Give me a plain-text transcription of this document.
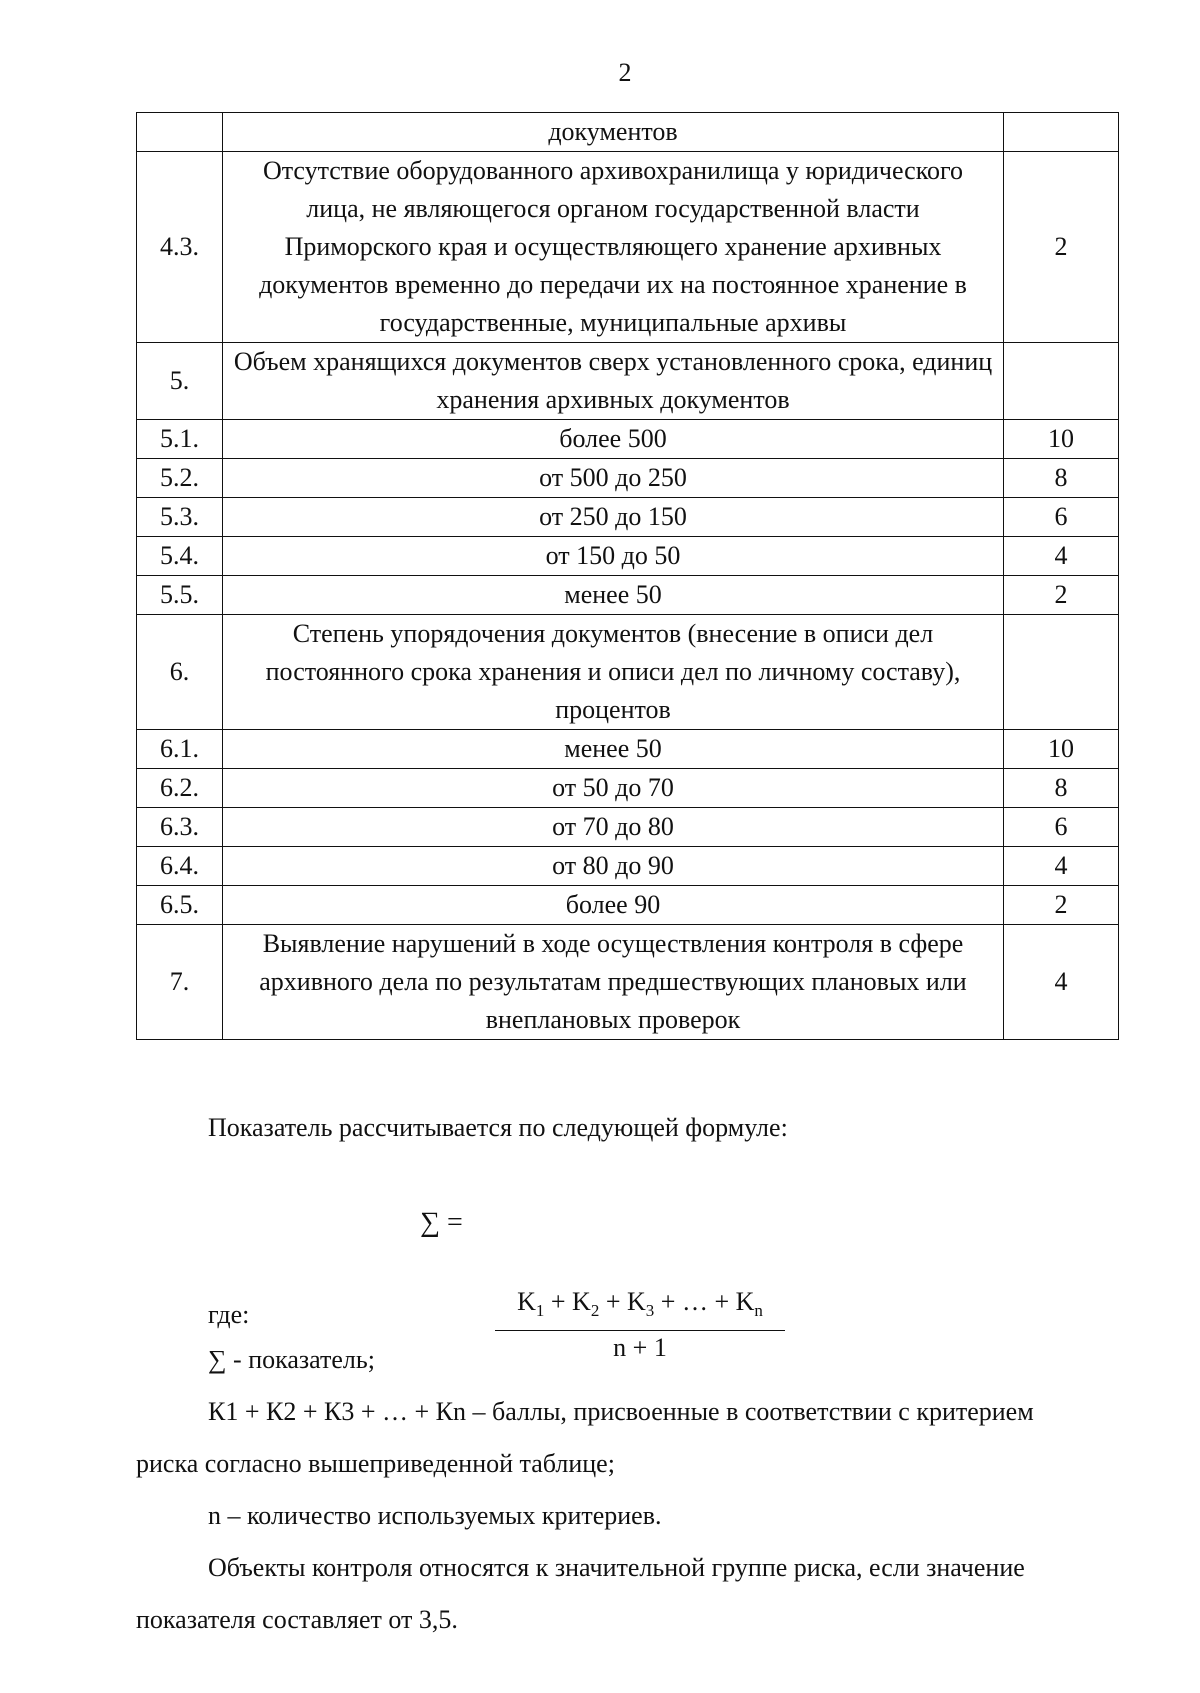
2
	документов	
4.3.	Отсутствие оборудованного архивохранилища у юридического лица, не являющегося органом государственной власти Приморского края и осуществляющего хранение архивных документов временно до передачи их на постоянное хранение в государственные, муниципальные архивы	2
5.	Объем хранящихся документов сверх установленного срока, единиц хранения архивных документов	
5.1.	более 500	10
5.2.	от 500 до 250	8
5.3.	от 250 до 150	6
5.4.	от 150 до 50	4
5.5.	менее 50	2
6.	Степень упорядочения документов (внесение в описи дел постоянного срока хранения и описи дел по личному составу), процентов	
6.1.	менее 50	10
6.2.	от 50 до 70	8
6.3.	от 70 до 80	6
6.4.	от 80 до 90	4
6.5.	более 90	2
7.	Выявление нарушений в ходе осуществления контроля в сфере архивного дела по результатам предшествующих плановых или внеплановых проверок	4

Показатель рассчитывается по следующей формуле:

∑ =

где:	$\frac{K_1 + K_2 + K_3 + \dots + K_n}{n + 1}$

∑ - показатель;

К1 + К2 + К3 + … + Кn – баллы, присвоенные в соответствии с критерием

риска согласно вышеприведенной таблице;

n – количество используемых критериев.

Объекты контроля относятся к значительной группе риска, если значение

показателя составляет от 3,5.
